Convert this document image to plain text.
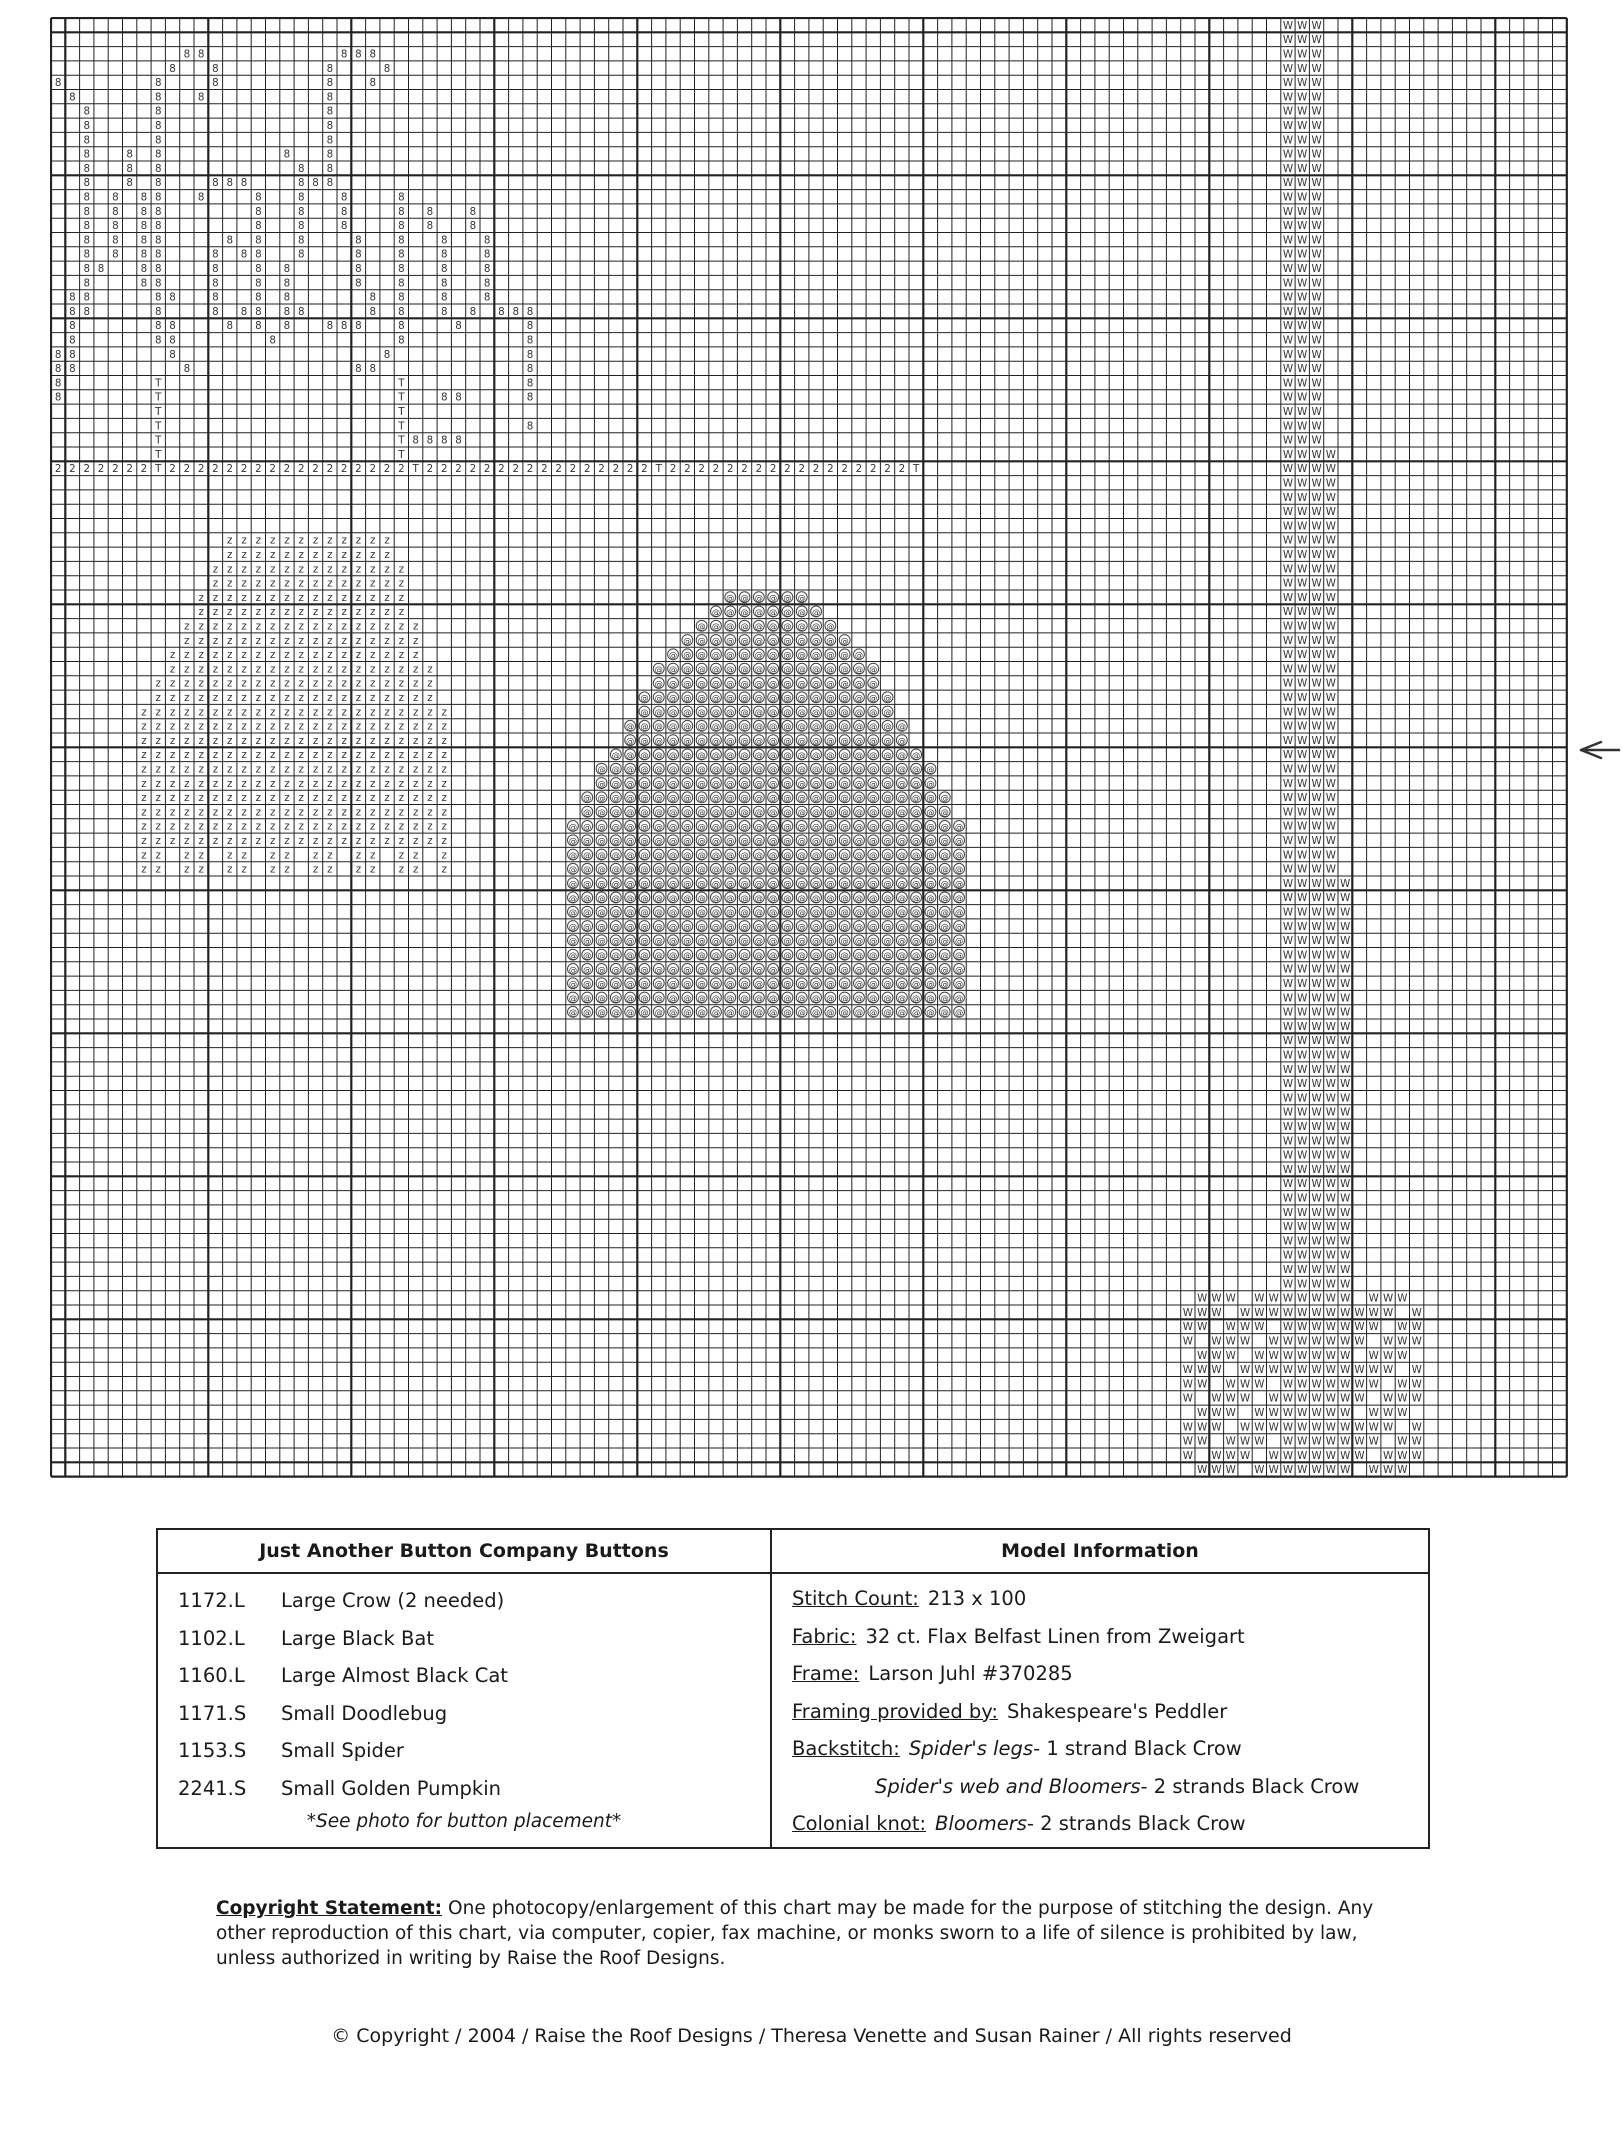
8 8	8 8 8
8	8	8	8
8	8	8	8	8
8	8	8	8
8	8	8
8	8	8
8	8	8
8	8 8	8	8
8	8 8	8 8
8	8 8	8 8 8	8 8 8
8 8 8 8	8	8	8	8	8
8 8 8 8	8	8	8	8 8	8
8 8 8 8	8	8	8	8 8	8
8 8 8 8	8 8	8	8	8	8	8
8 8 8 8	8 8 8	8	8	8	8	8
8 8	8 8	8	8 8	8	8	8	8
8	8 8	8	8 8	8	8	8	8
8 8	8 8	8	8 8	8 8	8	8
8 8	8	8 8 8 8 8	8 8	8 8 8 8 8
8	8 8	8 8 8	8 8 8	8	8	8
8	8 8	8	8	8
8 8	8	8	8
8 8	8	8 8	8
8	T	T	8
8	T	T	8 8	8
T	T
T	T	8
T	T 8 8 8 8
T	T
2 2 2 2 2 2 2 T 2 2 2 2 2 2 2 2 2 2 2 2 2 2 2 2 2 T 2 2 2 2 2 2 2 2 2 2 2 2 2 2 2 2 T 2 2 2 2 2 2 2 2 2 2 2 2 2 2 2 2 2 T
z z z z z z z z z z z z
z z z z z z z z z z z z
z z z z z z z z z z z z z z
z z z z z z z z z z z z z z
z z z z z z z z z z z z z z z
z z z z z z z z z z z z z z z
z z z z z z z z z z z z z z z z z
z z z z z z z z z z z z z z z z z
z z z z z z z z z z z z z z z z z z
z z z z z z z z z z z z z z z z z z z
z z z z z z z z z z z z z z z z z z z z
z z z z z z z z z z z z z z z z z z z z
z z z z z z z z z z z z z z z z z z z z z z
z z z z z z z z z z z z z z z z z z z z z z
z z z z z z z z z z z z z z z z z z z z z z
z z z z z z z z z z z z z z z z z z z z z z
z z z z z z z z z z z z z z z z z z z z z z
z z z z z z z z z z z z z z z z z z z z z z
z z z z z z z z z z z z z z z z z z z z z z
z z z z z z z z z z z z z z z z z z z z z z
z z z z z z z z z z z z z z z z z z z z z z
z z z z z z z z z z z z z z z z z z z z z z
z z z z z z z z z z z z z z z
z z z z z z z z z z z z z z z
@ @ @ @ @ @
@ @ @ @ @ @ @ @
@ @ @ @ @ @ @ @ @ @
@ @ @ @ @ @ @ @ @ @ @ @
@ @ @ @ @ @ @ @ @ @ @ @ @ @
@ @ @ @ @ @ @ @ @ @ @ @ @ @ @ @
@ @ @ @ @ @ @ @ @ @ @ @ @ @ @ @
@ @ @ @ @ @ @ @ @ @ @ @ @ @ @ @ @ @
@ @ @ @ @ @ @ @ @ @ @ @ @ @ @ @ @ @
@ @ @ @ @ @ @ @ @ @ @ @ @ @ @ @ @ @ @ @
@ @ @ @ @ @ @ @ @ @ @ @ @ @ @ @ @ @ @ @
@ @ @ @ @ @ @ @ @ @ @ @ @ @ @ @ @ @ @ @ @ @
@ @ @ @ @ @ @ @ @ @ @ @ @ @ @ @ @ @ @ @ @ @ @ @
@ @ @ @ @ @ @ @ @ @ @ @ @ @ @ @ @ @ @ @ @ @ @ @
@ @ @ @ @ @ @ @ @ @ @ @ @ @ @ @ @ @ @ @ @ @ @ @ @ @
@ @ @ @ @ @ @ @ @ @ @ @ @ @ @ @ @ @ @ @ @ @ @ @ @ @
@ @ @ @ @ @ @ @ @ @ @ @ @ @ @ @ @ @ @ @ @ @ @ @ @ @ @ @
@ @ @ @ @ @ @ @ @ @ @ @ @ @ @ @ @ @ @ @ @ @ @ @ @ @ @ @
@ @ @ @ @ @ @ @ @ @ @ @ @ @ @ @ @ @ @ @ @ @ @ @ @ @ @ @
@ @ @ @ @ @ @ @ @ @ @ @ @ @ @ @ @ @ @ @ @ @ @ @ @ @ @ @
@ @ @ @ @ @ @ @ @ @ @ @ @ @ @ @ @ @ @ @ @ @ @ @ @ @ @ @
@ @ @ @ @ @ @ @ @ @ @ @ @ @ @ @ @ @ @ @ @ @ @ @ @ @ @ @
@ @ @ @ @ @ @ @ @ @ @ @ @ @ @ @ @ @ @ @ @ @ @ @ @ @ @ @
@ @ @ @ @ @ @ @ @ @ @ @ @ @ @ @ @ @ @ @ @ @ @ @ @ @ @ @
@ @ @ @ @ @ @ @ @ @ @ @ @ @ @ @ @ @ @ @ @ @ @ @ @ @ @ @
@ @ @ @ @ @ @ @ @ @ @ @ @ @ @ @ @ @ @ @ @ @ @ @ @ @ @ @
@ @ @ @ @ @ @ @ @ @ @ @ @ @ @ @ @ @ @ @ @ @ @ @ @ @ @ @
@ @ @ @ @ @ @ @ @ @ @ @ @ @ @ @ @ @ @ @ @ @ @ @ @ @ @ @
@ @ @ @ @ @ @ @ @ @ @ @ @ @ @ @ @ @ @ @ @ @ @ @ @ @ @ @
@ @ @ @ @ @ @ @ @ @ @ @ @ @ @ @ @ @ @ @ @ @ @ @ @ @ @ @
W W W
W W W
W W W
W W W
W W W
W W W
W W W
W W W
W W W
W W W
W W W
W W W
W W W
W W W
W W W
W W W
W W W
W W W
W W W
W W W
W W W
W W W
W W W
W W W
W W W
W W W
W W W
W W W
W W W
W W W
W W W W
W W W W
W W W W
W W W W
W W W W
W W W W
W W W W
W W W W
W W W W
W W W W
W W W W
W W W W
W W W W
W W W W
W W W W
W W W W
W W W W
W W W W
W W W W
W W W W
W W W W
W W W W
W W W W
W W W W
W W W W
W W W W
W W W W
W W W W
W W W W
W W W W
W W W W W
W W W W W
W W W W W
W W W W W
W W W W W
W W W W W
W W W W W
W W W W W
W W W W W
W W W W W
W W W W W
W W W W W
W W W W W
W W W W W
W W W W W
W W W W W
W W W W W
W W W W W
W W W W W
W W W W W
W W W W W
W W W W W
W W W W W
W W W W W
W W W W W
W W W W W
W W W W W
W W W W W
W W W W W
W W W W W W W W W W W W W
W W W W W W W W W W W W W W W
W W W W W W W W W W W W W W
W W W W W W W W W W W W W W
W W W W W W W W W W W W W
W W W W W W W W W W W W W W W
W W W W W W W W W W W W W W
W W W W W W W W W W W W W W
W W W W W W W W W W W W W
W W W W W W W W W W W W W W W
W W W W W W W W W W W W W W
W W W W W W W W W W W W W W
W W W W W W W W W W W W W
Just Another Button Company Buttons
1172.L	Large Crow (2 needed)
1102.L	Large Black Bat
1160.L	Large Almost Black Cat
1171.S	Small Doodlebug
1153.S	Small Spider
2241.S	Small Golden Pumpkin
*See photo for button placement*
Model Information
Stitch Count: 213 x 100
Fabric: 32 ct. Flax Belfast Linen from Zweigart
Frame: Larson Juhl #370285
Framing provided by: Shakespeare's Peddler
Backstitch: Spider's legs - 1 strand Black Crow
Spider's web and Bloomers - 2 strands Black Crow
Colonial knot: Bloomers - 2 strands Black Crow
Copyright Statement: One photocopy/enlargement of this chart may be made for the purpose of stitching the design. Any other reproduction of this chart, via computer, copier, fax machine, or monks sworn to a life of silence is prohibited by law, unless authorized in writing by Raise the Roof Designs.
© Copyright / 2004 / Raise the Roof Designs / Theresa Venette and Susan Rainer / All rights reserved
